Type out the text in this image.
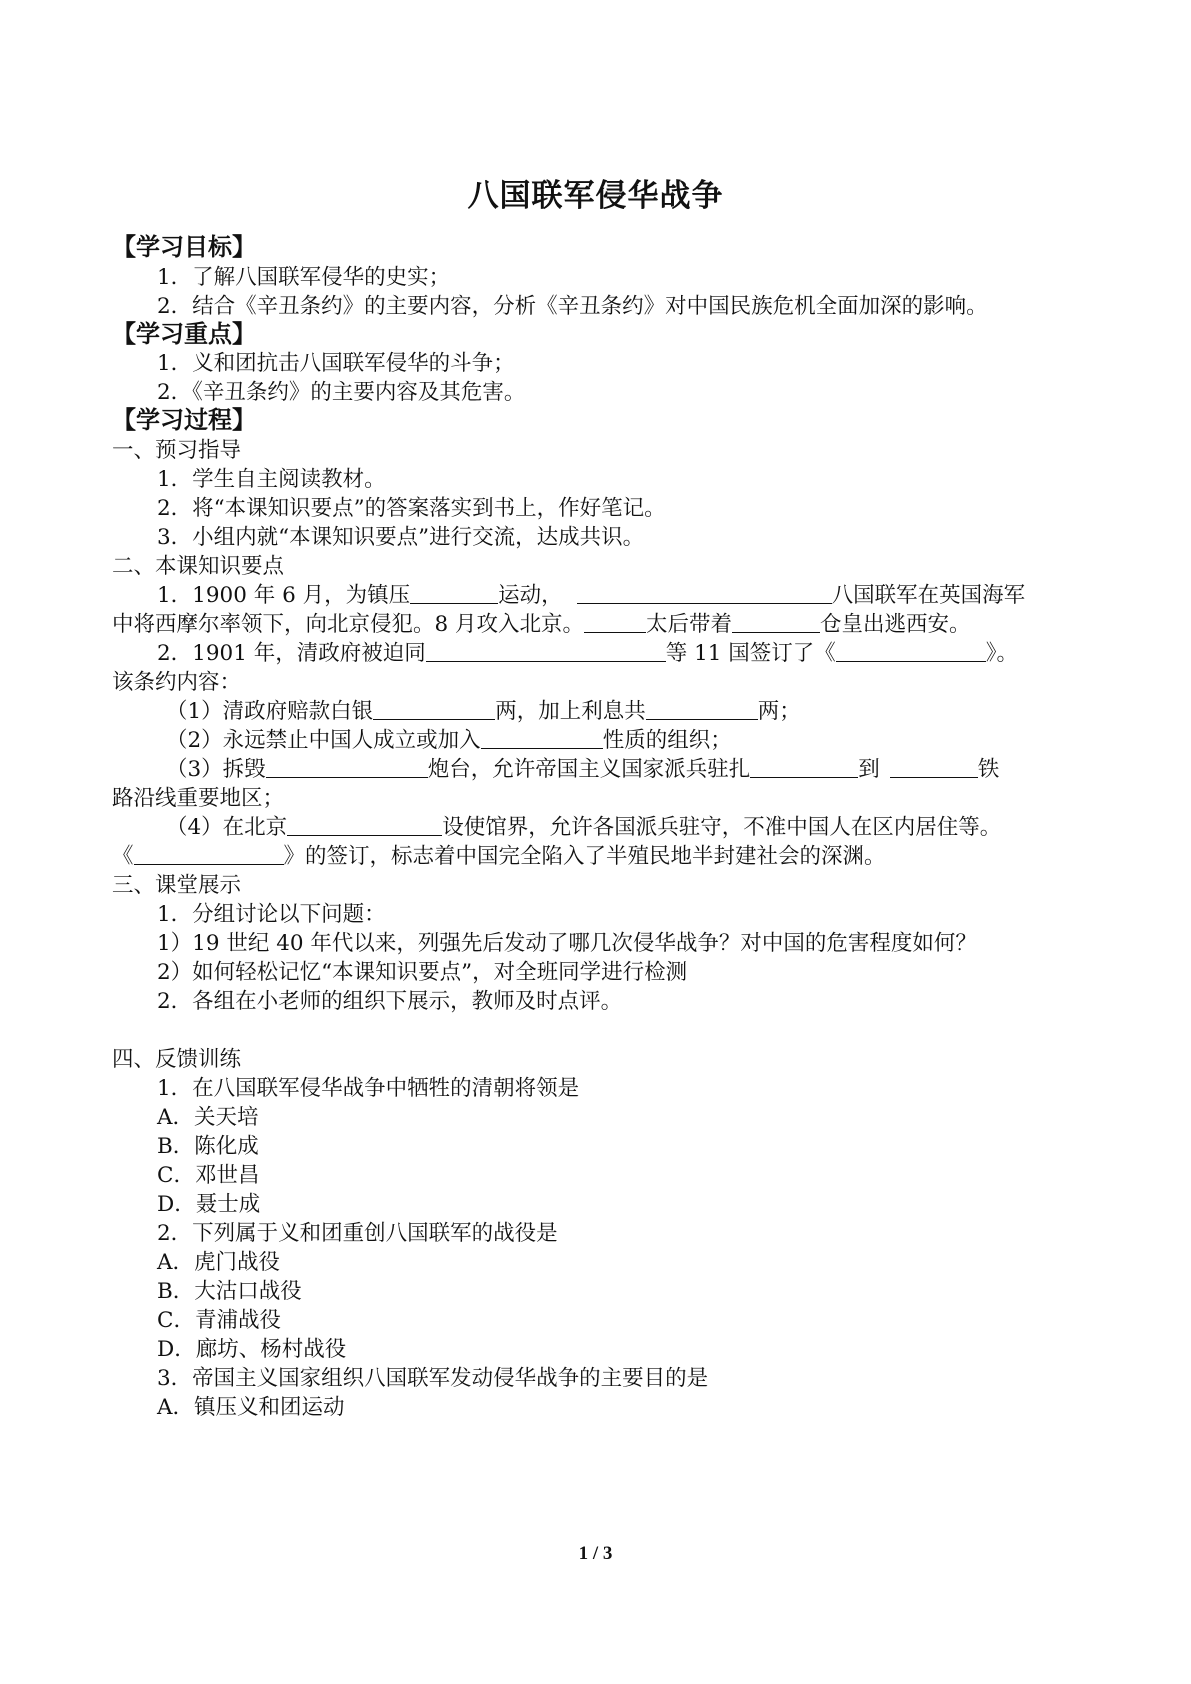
八国联军侵华战争
【学习目标】
1．了解八国联军侵华的史实；
2．结合《辛丑条约》的主要内容，分析《辛丑条约》对中国民族危机全面加深的影响。
【学习重点】
1．义和团抗击八国联军侵华的斗争；
2．《辛丑条约》的主要内容及其危害。
【学习过程】
一、预习指导
1．学生自主阅读教材。
2．将“本课知识要点”的答案落实到书上，作好笔记。
3．小组内就“本课知识要点”进行交流，达成共识。
二、本课知识要点
1．1900 年 6 月，为镇压	运动，	八国联军在英国海军
中将西摩尔率领下，向北京侵犯。8 月攻入北京。	太后带着	仓皇出逃西安。
2．1901 年，清政府被迫同	等 11 国签订了《	》。
该条约内容：
（1）清政府赔款白银	两，加上利息共	两；
（2）永远禁止中国人成立或加入	性质的组织；
（3）拆毁	炮台，允许帝国主义国家派兵驻扎	到	铁
路沿线重要地区；
（4）在北京	设使馆界，允许各国派兵驻守，不准中国人在区内居住等。
《	》的签订，标志着中国完全陷入了半殖民地半封建社会的深渊。
三、课堂展示
1．分组讨论以下问题：
1）19 世纪 40 年代以来，列强先后发动了哪几次侵华战争？对中国的危害程度如何？
2）如何轻松记忆“本课知识要点”，对全班同学进行检测
2．各组在小老师的组织下展示，教师及时点评。
四、反馈训练
1．在八国联军侵华战争中牺牲的清朝将领是
A．关天培
B．陈化成
C．邓世昌
D．聂士成
2．下列属于义和团重创八国联军的战役是
A．虎门战役
B．大沽口战役
C．青浦战役
D．廊坊、杨村战役
3．帝国主义国家组织八国联军发动侵华战争的主要目的是
A．镇压义和团运动
1 / 3
